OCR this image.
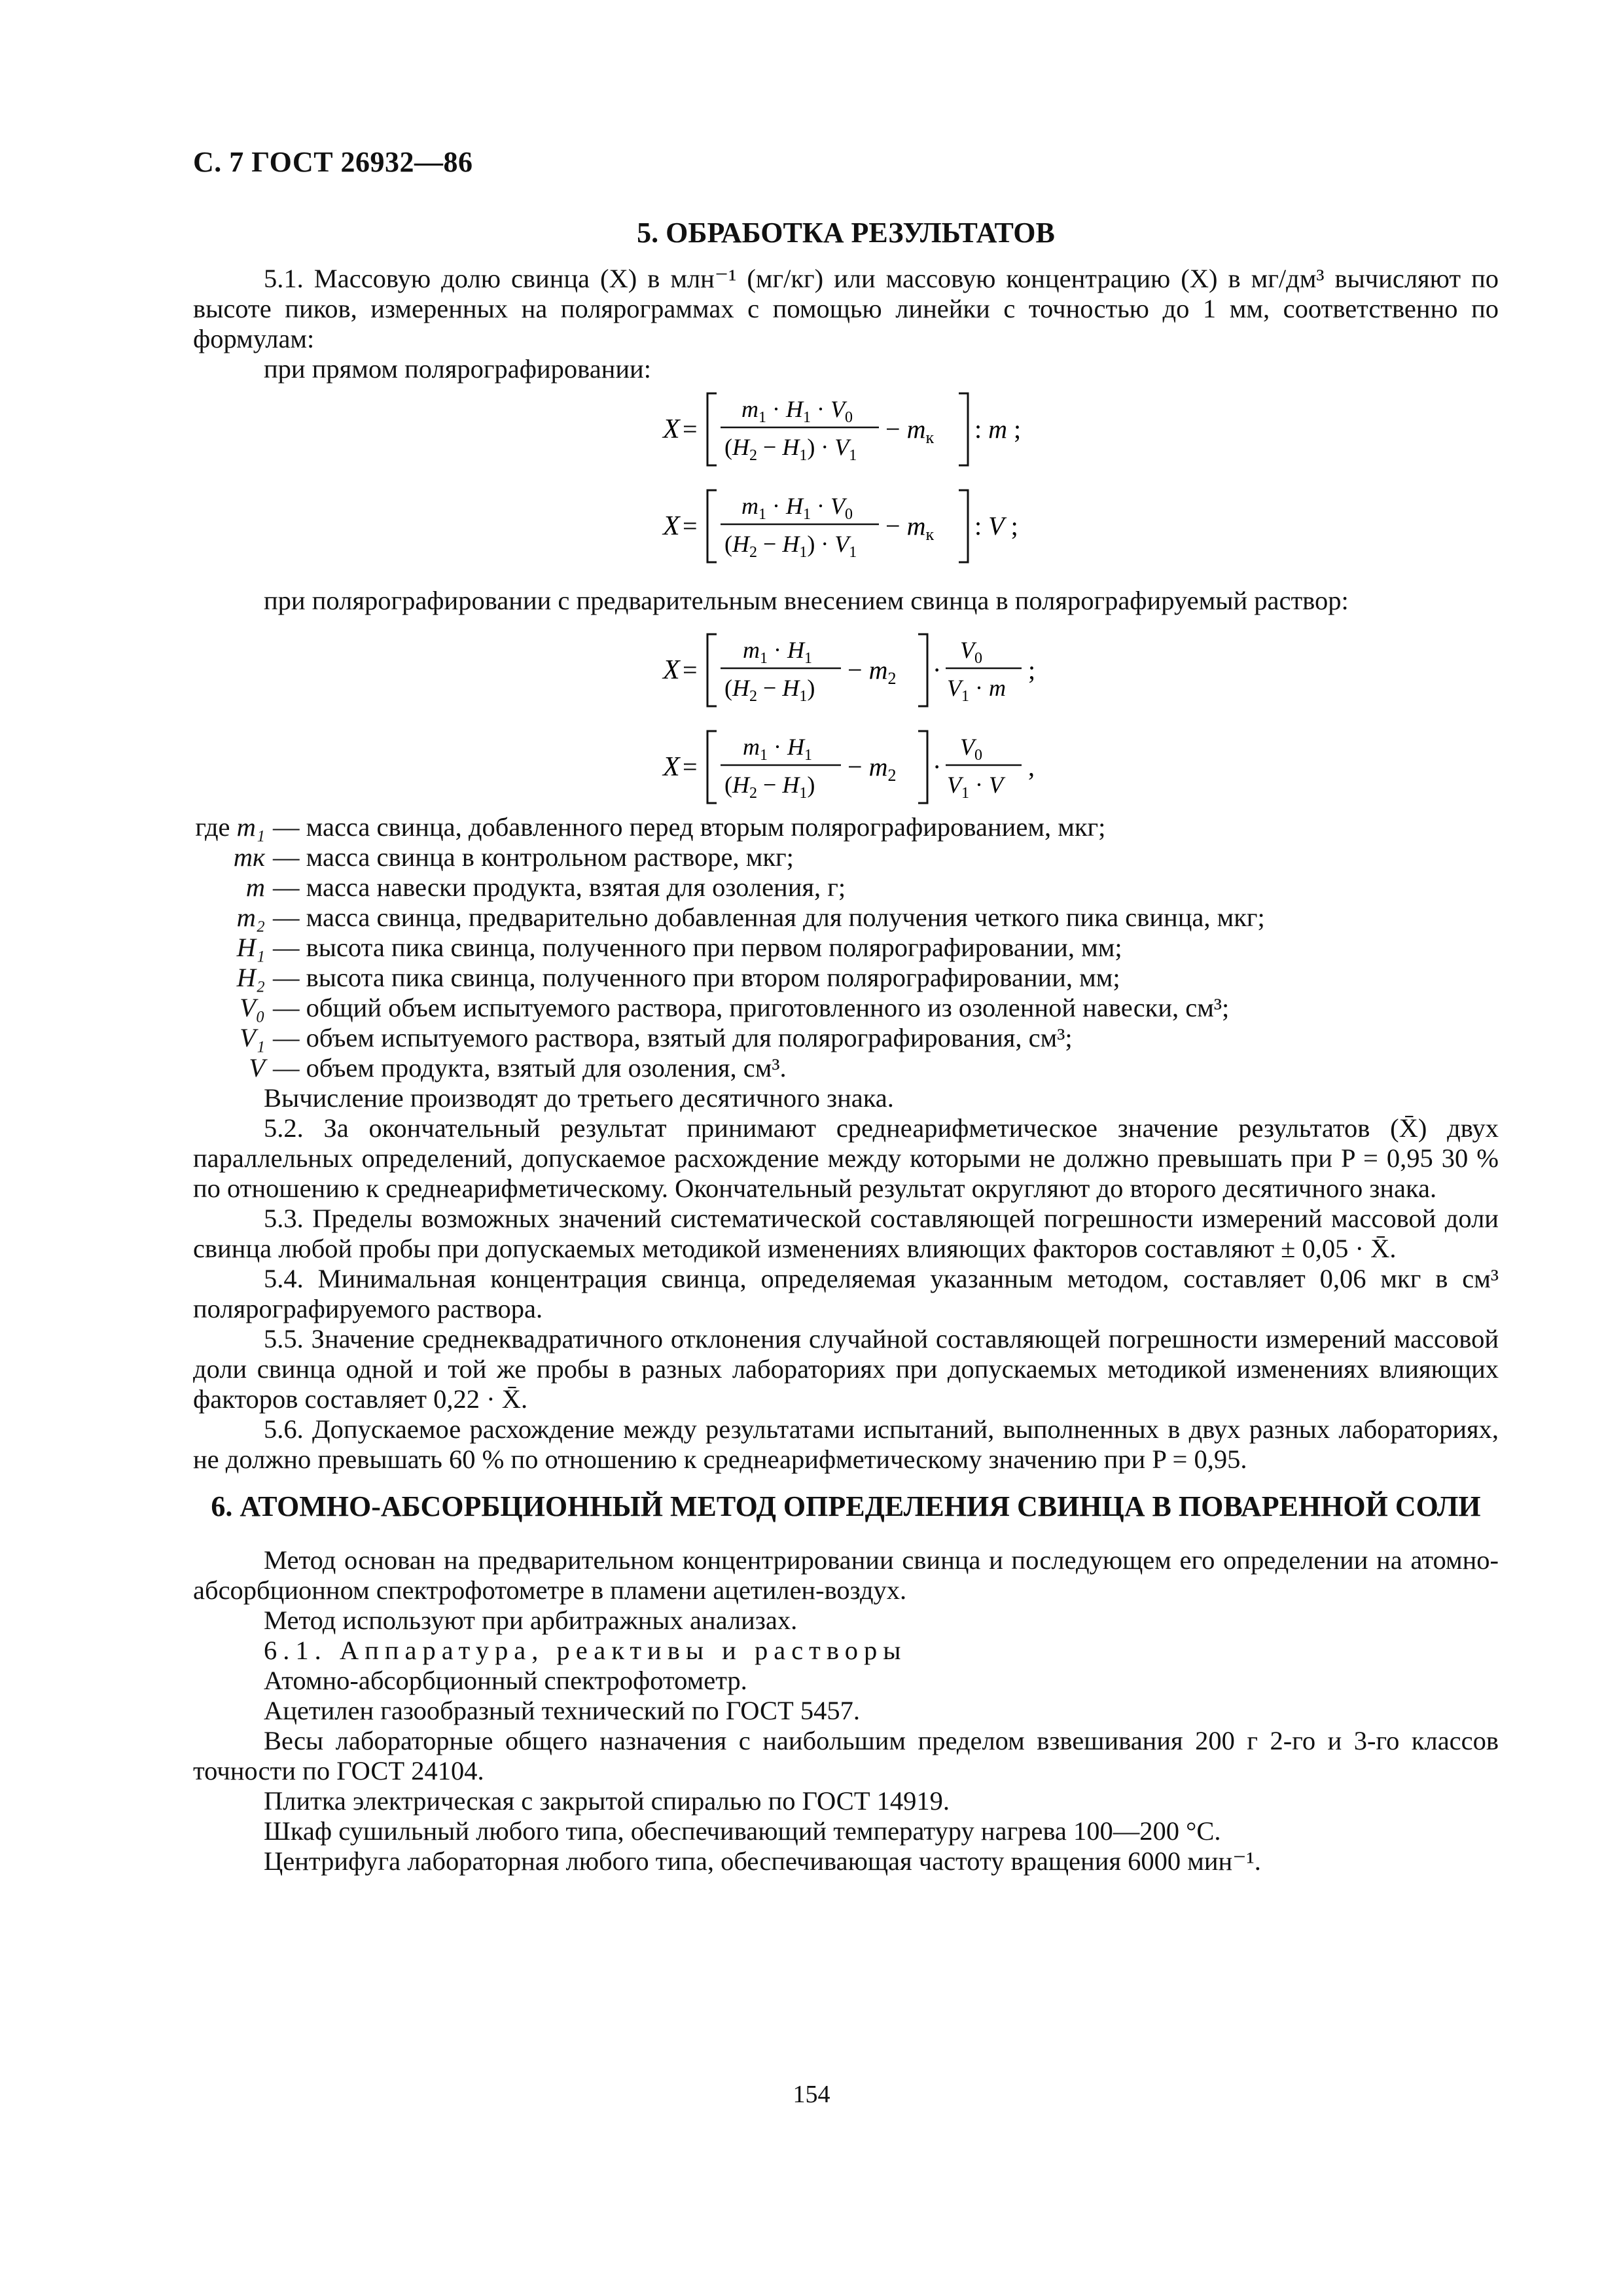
С. 7 ГОСТ 26932—86
5. ОБРАБОТКА РЕЗУЛЬТАТОВ

5.1. Массовую долю свинца (X) в млн⁻¹ (мг/кг) или массовую концентрацию (X) в мг/дм³ вычисляют по высоте пиков, измеренных на полярограммах с помощью линейки с точностью до 1 мм, соответственно по формулам:

при прямом полярографировании:

X =
$m_1 \cdot H_1 \cdot V_0$
$(H_2 - H_1) \cdot V_1$
− $m_к$ : m ;
X =
$m_1 \cdot H_1 \cdot V_0$
$(H_2 - H_1) \cdot V_1$
− $m_к$ : V ;

при полярографировании с предварительным внесением свинца в полярографируемый раствор:

X =
$m_1 \cdot H_1$
$(H_2 - H_1)$
− $m_2$ ·
$V_0$
$V_1 \cdot m$
;
X =
$m_1 \cdot H_1$
$(H_2 - H_1)$
− $m_2$ ·
$V_0$
$V_1 \cdot V$
,
где m₁ — масса свинца, добавленного перед вторым полярографированием, мкг;
mк — масса свинца в контрольном растворе, мкг;
m — масса навески продукта, взятая для озоления, г;
m₂ — масса свинца, предварительно добавленная для получения четкого пика свинца, мкг;
H₁ — высота пика свинца, полученного при первом полярографировании, мм;
H₂ — высота пика свинца, полученного при втором полярографировании, мм;
V₀ — общий объем испытуемого раствора, приготовленного из озоленной навески, см³;
V₁ — объем испытуемого раствора, взятый для полярографирования, см³;
V — объем продукта, взятый для озоления, см³.

Вычисление производят до третьего десятичного знака.

5.2. За окончательный результат принимают среднеарифметическое значение результатов (X̄) двух параллельных определений, допускаемое расхождение между которыми не должно превышать при P = 0,95 30 % по отношению к среднеарифметическому. Окончательный результат округляют до второго десятичного знака.

5.3. Пределы возможных значений систематической составляющей погрешности измерений массовой доли свинца любой пробы при допускаемых методикой изменениях влияющих факторов составляют ± 0,05 · X̄.

5.4. Минимальная концентрация свинца, определяемая указанным методом, составляет 0,06 мкг в см³ полярографируемого раствора.

5.5. Значение среднеквадратичного отклонения случайной составляющей погрешности измерений массовой доли свинца одной и той же пробы в разных лабораториях при допускаемых методикой изменениях влияющих факторов составляет 0,22 · X̄.

5.6. Допускаемое расхождение между результатами испытаний, выполненных в двух разных лабораториях, не должно превышать 60 % по отношению к среднеарифметическому значению при P = 0,95.

6. АТОМНО-АБСОРБЦИОННЫЙ МЕТОД ОПРЕДЕЛЕНИЯ СВИНЦА В ПОВАРЕННОЙ СОЛИ

Метод основан на предварительном концентрировании свинца и последующем его определении на атомно-абсорбционном спектрофотометре в пламени ацетилен-воздух.

Метод используют при арбитражных анализах.

6.1. Аппаратура, реактивы и растворы

Атомно-абсорбционный спектрофотометр.

Ацетилен газообразный технический по ГОСТ 5457.

Весы лабораторные общего назначения с наибольшим пределом взвешивания 200 г 2-го и 3-го классов точности по ГОСТ 24104.

Плитка электрическая с закрытой спиралью по ГОСТ 14919.

Шкаф сушильный любого типа, обеспечивающий температуру нагрева 100—200 °С.

Центрифуга лабораторная любого типа, обеспечивающая частоту вращения 6000 мин⁻¹.

154
